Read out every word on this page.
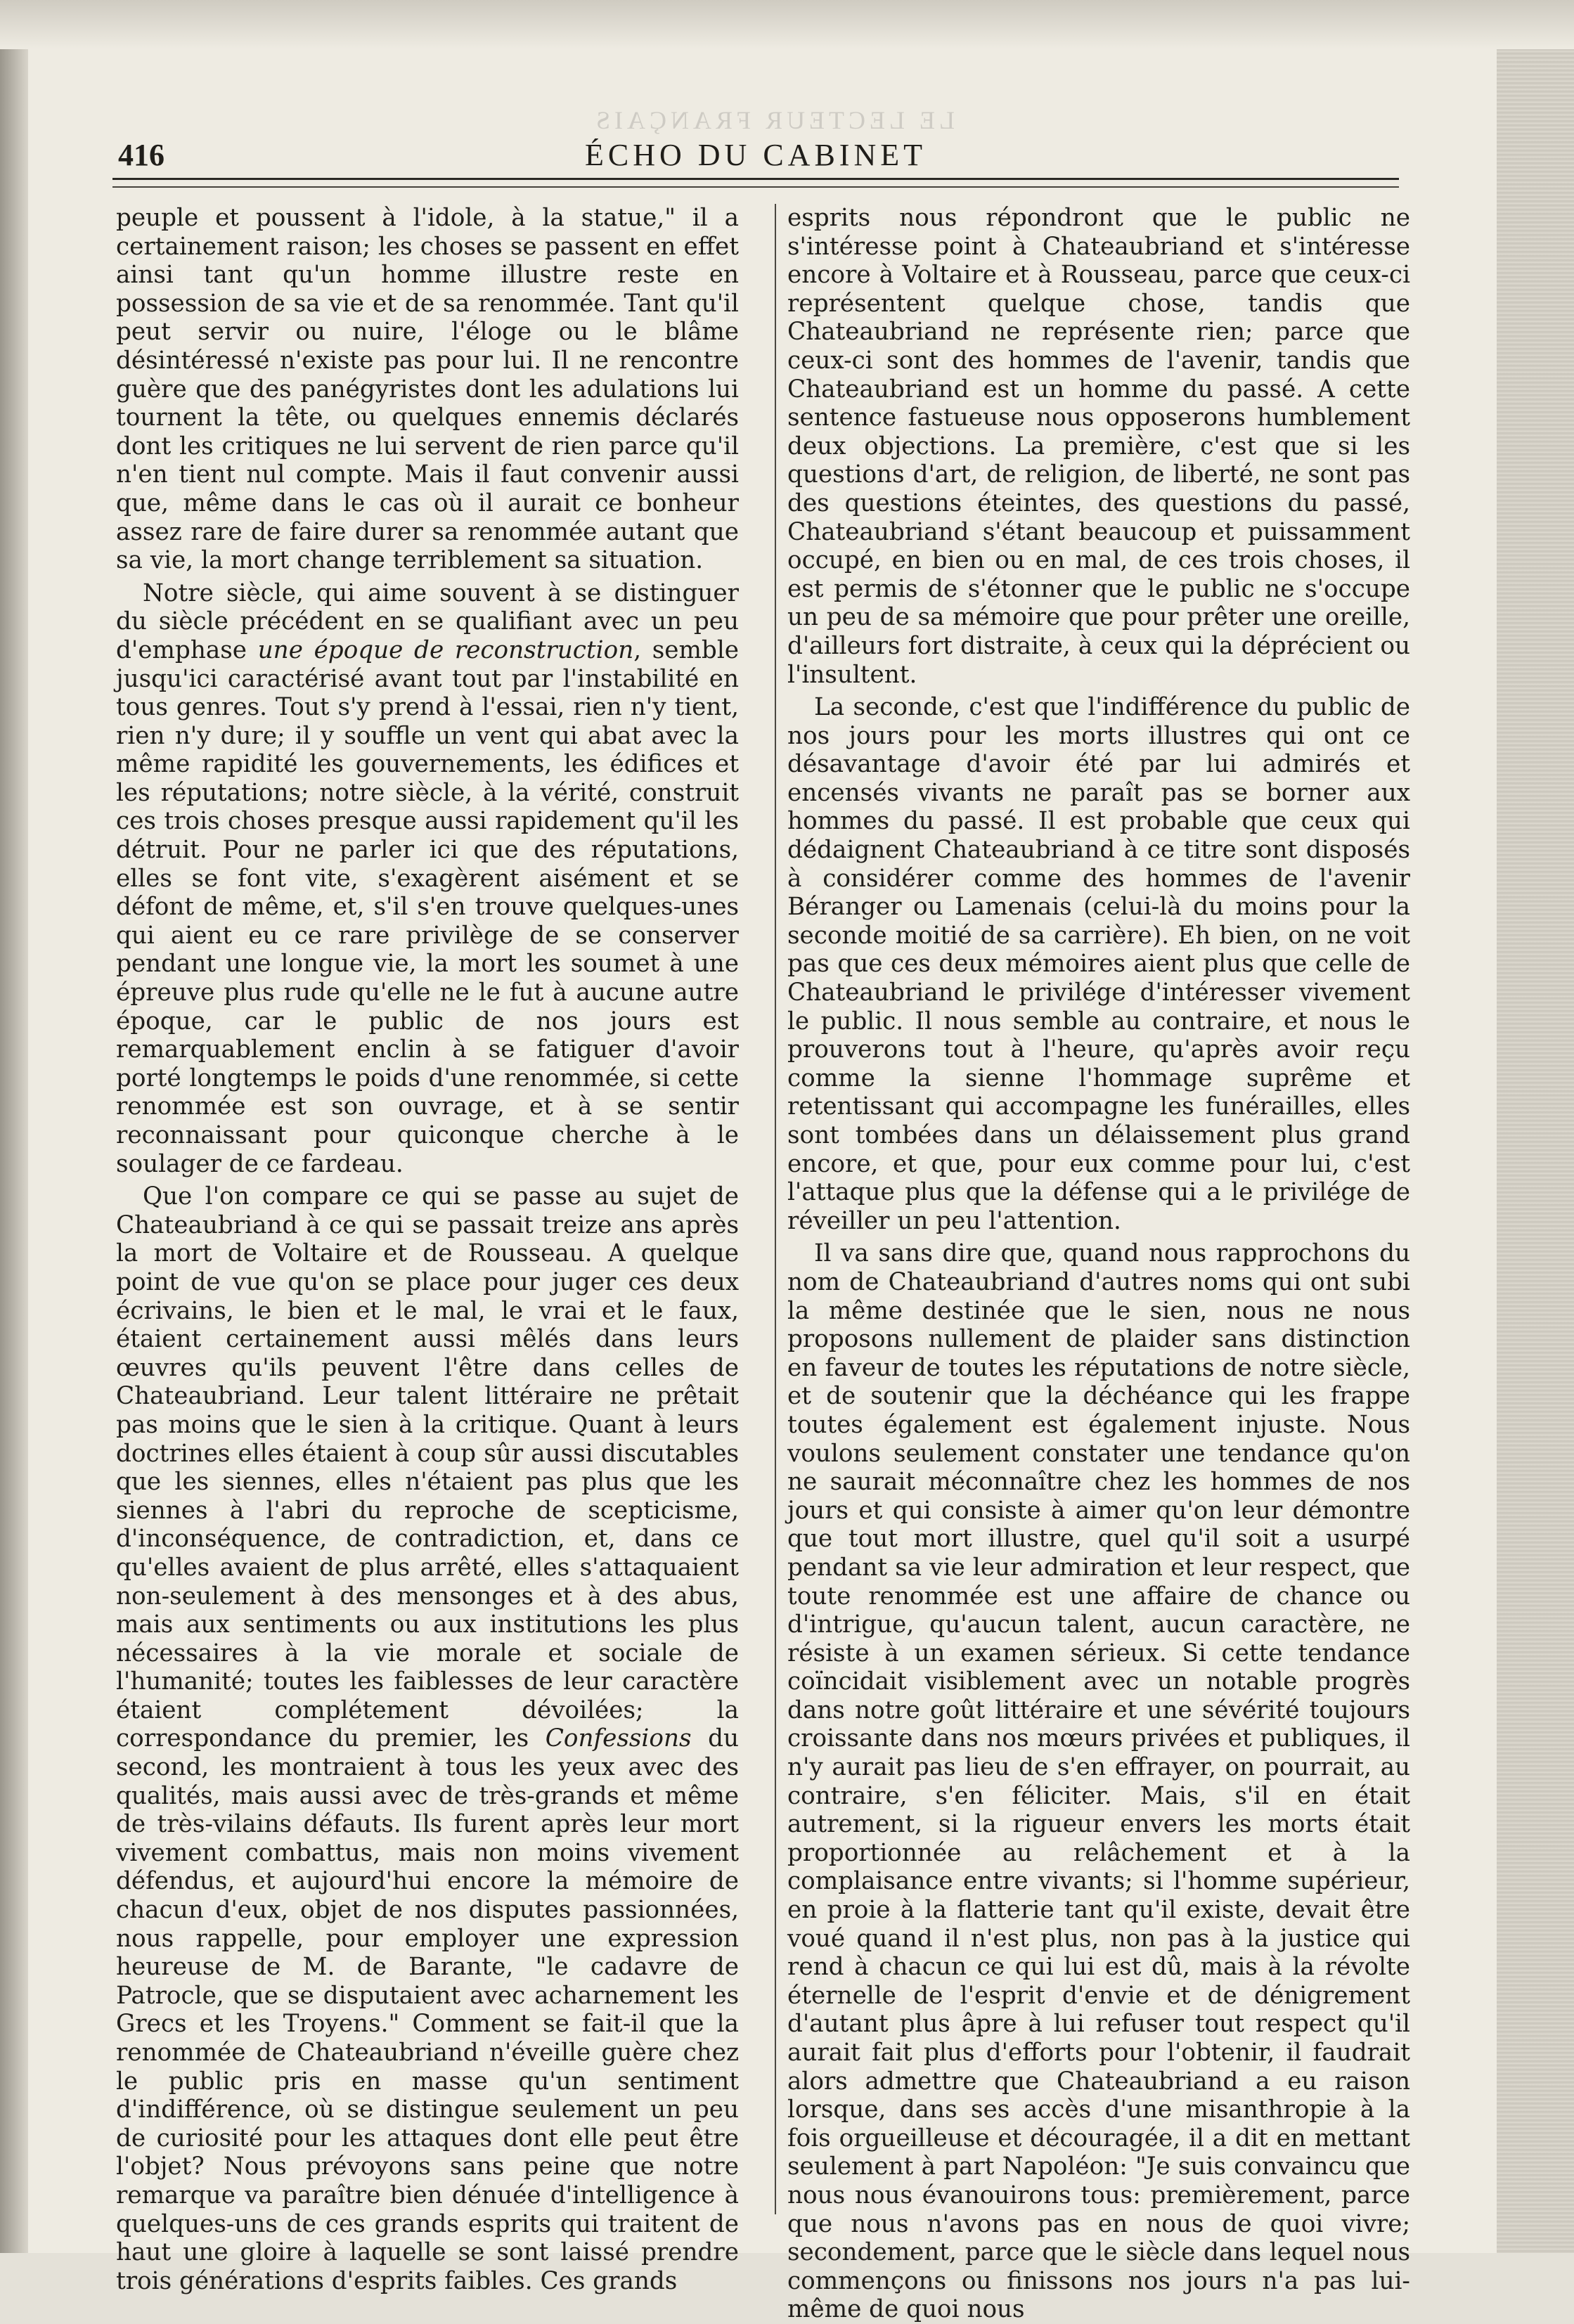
LE LECTEUR FRANÇAIS
416	ÉCHO DU CABINET

peuple et poussent à l'idole, à la statue," il a certainement raison; les choses se passent en effet ainsi tant qu'un homme illustre reste en possession de sa vie et de sa renommée. Tant qu'il peut servir ou nuire, l'éloge ou le blâme désintéressé n'existe pas pour lui. Il ne rencontre guère que des panégyristes dont les adulations lui tournent la tête, ou quelques ennemis déclarés dont les critiques ne lui servent de rien parce qu'il n'en tient nul compte. Mais il faut convenir aussi que, même dans le cas où il aurait ce bonheur assez rare de faire durer sa renommée autant que sa vie, la mort change terriblement sa situation.

Notre siècle, qui aime souvent à se distinguer du siècle précédent en se qualifiant avec un peu d'emphase une époque de reconstruction, semble jusqu'ici caractérisé avant tout par l'instabilité en tous genres. Tout s'y prend à l'essai, rien n'y tient, rien n'y dure; il y souffle un vent qui abat avec la même rapidité les gouvernements, les édifices et les réputations; notre siècle, à la vérité, construit ces trois choses presque aussi rapidement qu'il les détruit. Pour ne parler ici que des réputations, elles se font vite, s'exagèrent aisément et se défont de même, et, s'il s'en trouve quelques-unes qui aient eu ce rare privilège de se conserver pendant une longue vie, la mort les soumet à une épreuve plus rude qu'elle ne le fut à aucune autre époque, car le public de nos jours est remarquablement enclin à se fatiguer d'avoir porté longtemps le poids d'une renommée, si cette renommée est son ouvrage, et à se sentir reconnaissant pour quiconque cherche à le soulager de ce fardeau.

Que l'on compare ce qui se passe au sujet de Chateaubriand à ce qui se passait treize ans après la mort de Voltaire et de Rousseau. A quelque point de vue qu'on se place pour juger ces deux écrivains, le bien et le mal, le vrai et le faux, étaient certainement aussi mêlés dans leurs œuvres qu'ils peuvent l'être dans celles de Chateaubriand. Leur talent littéraire ne prêtait pas moins que le sien à la critique. Quant à leurs doctrines elles étaient à coup sûr aussi discutables que les siennes, elles n'étaient pas plus que les siennes à l'abri du reproche de scepticisme, d'inconséquence, de contradiction, et, dans ce qu'elles avaient de plus arrêté, elles s'attaquaient non-seulement à des mensonges et à des abus, mais aux sentiments ou aux institutions les plus nécessaires à la vie morale et sociale de l'humanité; toutes les faiblesses de leur caractère étaient complétement dévoilées; la correspondance du premier, les Confessions du second, les montraient à tous les yeux avec des qualités, mais aussi avec de très-grands et même de très-vilains défauts. Ils furent après leur mort vivement combattus, mais non moins vivement défendus, et aujourd'hui encore la mémoire de chacun d'eux, objet de nos disputes passionnées, nous rappelle, pour employer une expression heureuse de M. de Barante, "le cadavre de Patrocle, que se disputaient avec acharnement les Grecs et les Troyens." Comment se fait-il que la renommée de Chateaubriand n'éveille guère chez le public pris en masse qu'un sentiment d'indifférence, où se distingue seulement un peu de curiosité pour les attaques dont elle peut être l'objet? Nous prévoyons sans peine que notre remarque va paraître bien dénuée d'intelligence à quelques-uns de ces grands esprits qui traitent de haut une gloire à laquelle se sont laissé prendre trois générations d'esprits faibles. Ces grands

esprits nous répondront que le public ne s'intéresse point à Chateaubriand et s'intéresse encore à Voltaire et à Rousseau, parce que ceux-ci représentent quelque chose, tandis que Chateaubriand ne représente rien; parce que ceux-ci sont des hommes de l'avenir, tandis que Chateaubriand est un homme du passé. A cette sentence fastueuse nous opposerons humblement deux objections. La première, c'est que si les questions d'art, de religion, de liberté, ne sont pas des questions éteintes, des questions du passé, Chateaubriand s'étant beaucoup et puissamment occupé, en bien ou en mal, de ces trois choses, il est permis de s'étonner que le public ne s'occupe un peu de sa mémoire que pour prêter une oreille, d'ailleurs fort distraite, à ceux qui la déprécient ou l'insultent.

La seconde, c'est que l'indifférence du public de nos jours pour les morts illustres qui ont ce désavantage d'avoir été par lui admirés et encensés vivants ne paraît pas se borner aux hommes du passé. Il est probable que ceux qui dédaignent Chateaubriand à ce titre sont disposés à considérer comme des hommes de l'avenir Béranger ou Lamenais (celui-là du moins pour la seconde moitié de sa carrière). Eh bien, on ne voit pas que ces deux mémoires aient plus que celle de Chateaubriand le privilége d'intéresser vivement le public. Il nous semble au contraire, et nous le prouverons tout à l'heure, qu'après avoir reçu comme la sienne l'hommage suprême et retentissant qui accompagne les funérailles, elles sont tombées dans un délaissement plus grand encore, et que, pour eux comme pour lui, c'est l'attaque plus que la défense qui a le privilége de réveiller un peu l'attention.

Il va sans dire que, quand nous rapprochons du nom de Chateaubriand d'autres noms qui ont subi la même destinée que le sien, nous ne nous proposons nullement de plaider sans distinction en faveur de toutes les réputations de notre siècle, et de soutenir que la déchéance qui les frappe toutes également est également injuste. Nous voulons seulement constater une tendance qu'on ne saurait méconnaître chez les hommes de nos jours et qui consiste à aimer qu'on leur démontre que tout mort illustre, quel qu'il soit a usurpé pendant sa vie leur admiration et leur respect, que toute renommée est une affaire de chance ou d'intrigue, qu'aucun talent, aucun caractère, ne résiste à un examen sérieux. Si cette tendance coïncidait visiblement avec un notable progrès dans notre goût littéraire et une sévérité toujours croissante dans nos mœurs privées et publiques, il n'y aurait pas lieu de s'en effrayer, on pourrait, au contraire, s'en féliciter. Mais, s'il en était autrement, si la rigueur envers les morts était proportionnée au relâchement et à la complaisance entre vivants; si l'homme supérieur, en proie à la flatterie tant qu'il existe, devait être voué quand il n'est plus, non pas à la justice qui rend à chacun ce qui lui est dû, mais à la révolte éternelle de l'esprit d'envie et de dénigrement d'autant plus âpre à lui refuser tout respect qu'il aurait fait plus d'efforts pour l'obtenir, il faudrait alors admettre que Chateaubriand a eu raison lorsque, dans ses accès d'une misanthropie à la fois orgueilleuse et découragée, il a dit en mettant seulement à part Napoléon: "Je suis convaincu que nous nous évanouirons tous: premièrement, parce que nous n'avons pas en nous de quoi vivre; secondement, parce que le siècle dans lequel nous commençons ou finissons nos jours n'a pas lui-même de quoi nous
